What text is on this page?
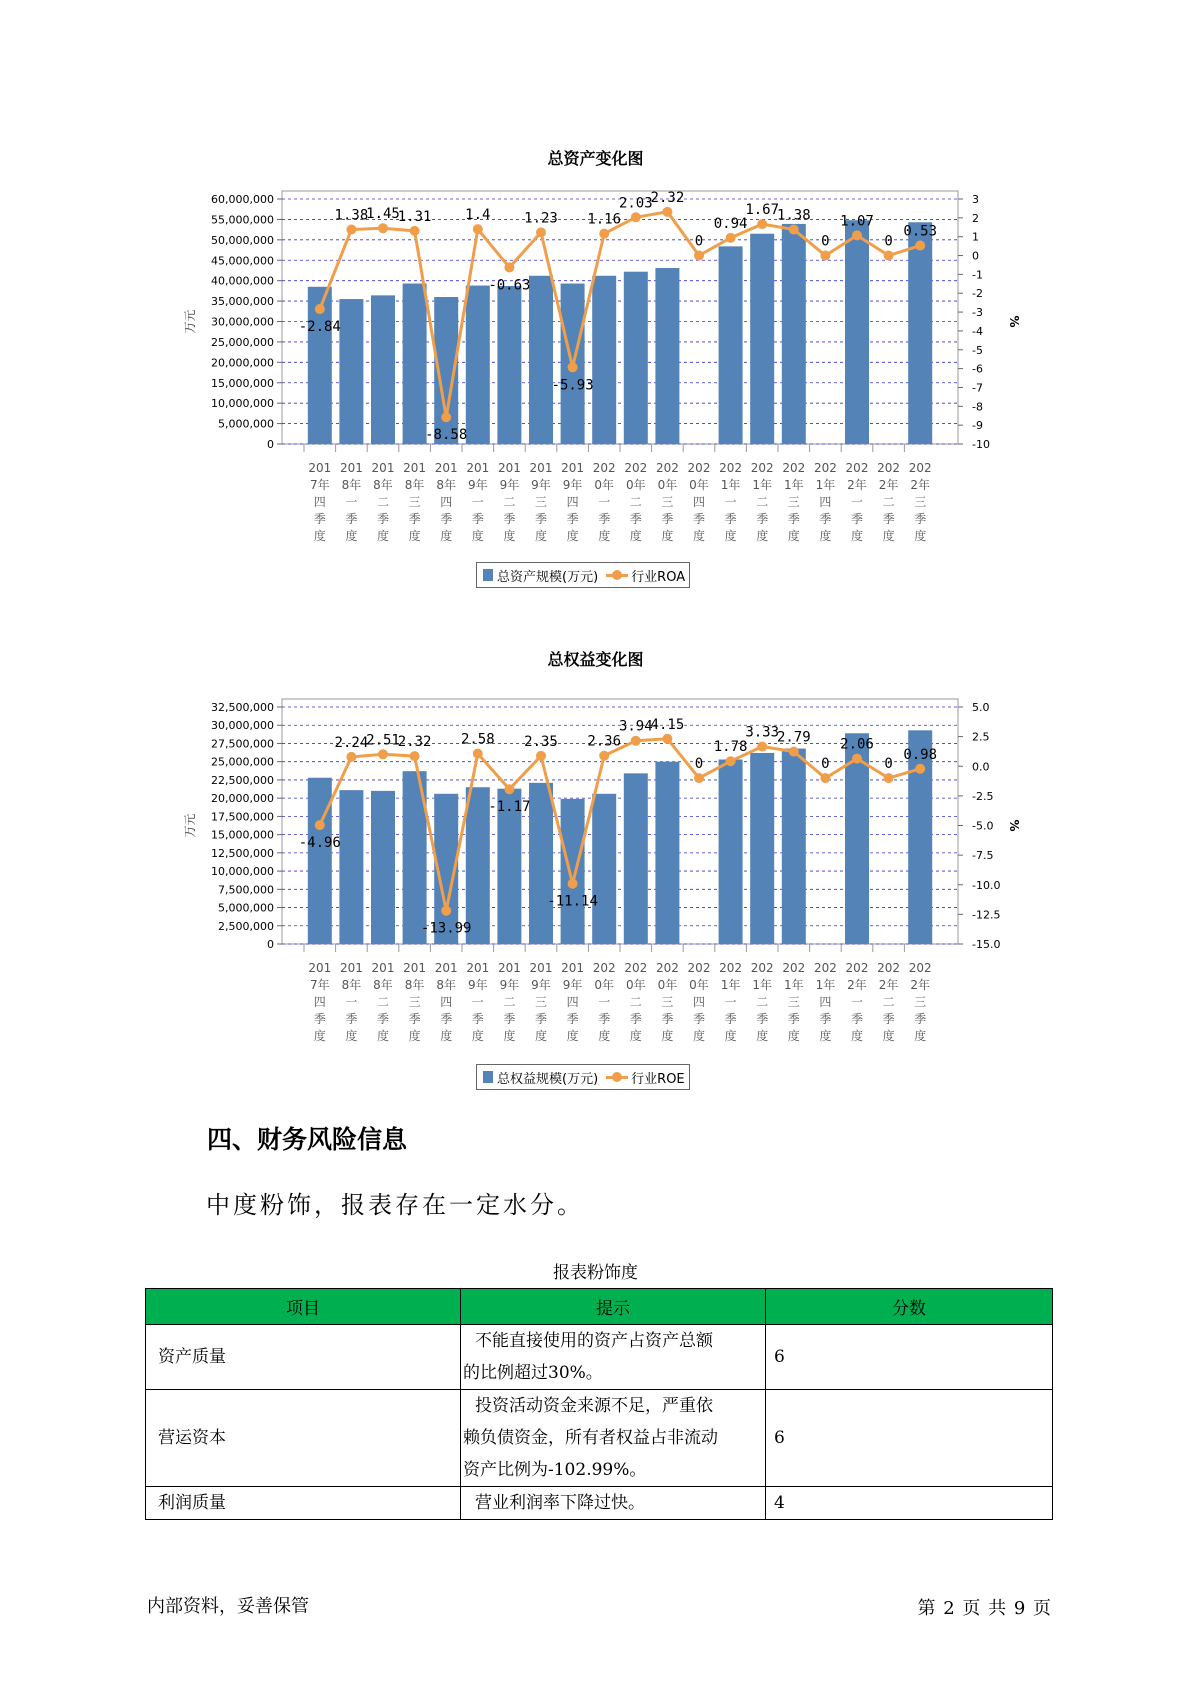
总资产变化图
0
5,000,000
10,000,000
15,000,000
20,000,000
25,000,000
30,000,000
35,000,000
40,000,000
45,000,000
50,000,000
55,000,000
60,000,000	3
2
1
0
-1
-2
-3
-4
-5
-6
-7
-8
-9
-10
万元	%
201 7年四季度
201 8年一季度
201 8年二季度
201 8年三季度
201 8年四季度
201 9年一季度
201 9年二季度
201 9年三季度
201 9年四季度
202 0年一季度
202 0年二季度
202 0年三季度
202 0年四季度
202 1年一季度
202 1年二季度
202 1年三季度
202 1年四季度
202 2年一季度
202 2年二季度
202 2年三季度
-2.84
1.38
1.45
1.31
-8.58
1.4
-0.63
1.23
-5.93
1.16
2.03
2.32
0
0.94
1.67
1.38
0
1.07
0
0.53
总资产规模(万元)	行业ROA
总权益变化图
0
2,500,000
5,000,000
7,500,000
10,000,000
12,500,000
15,000,000
17,500,000
20,000,000
22,500,000
25,000,000
27,500,000
30,000,000
32,500,000	5.0
2.5
0.0
-2.5
-5.0
-7.5
-10.0
-12.5
-15.0
万元	%
201 7年四季度
201 8年一季度
201 8年二季度
201 8年三季度
201 8年四季度
201 9年一季度
201 9年二季度
201 9年三季度
201 9年四季度
202 0年一季度
202 0年二季度
202 0年三季度
202 0年四季度
202 1年一季度
202 1年二季度
202 1年三季度
202 1年四季度
202 2年一季度
202 2年二季度
202 2年三季度
-4.96
2.24
2.51
2.32
-13.99
2.58
-1.17
2.35
-11.14
2.36
3.94
4.15
0
1.78
3.33
2.79
0
2.06
0
0.98
总权益规模(万元)	行业ROE
四、财务风险信息
中度粉饰，报表存在一定水分。
报表粉饰度
项目	提示	分数
资产质量	不能直接使用的资产占资产总额
的比例超过30%。	6
营运资本	投资活动资金来源不足，严重依
赖负债资金，所有者权益占非流动
资产比例为-102.99%。	6
利润质量	营业利润率下降过快。	4
内部资料，妥善保管	第 2 页 共 9 页
